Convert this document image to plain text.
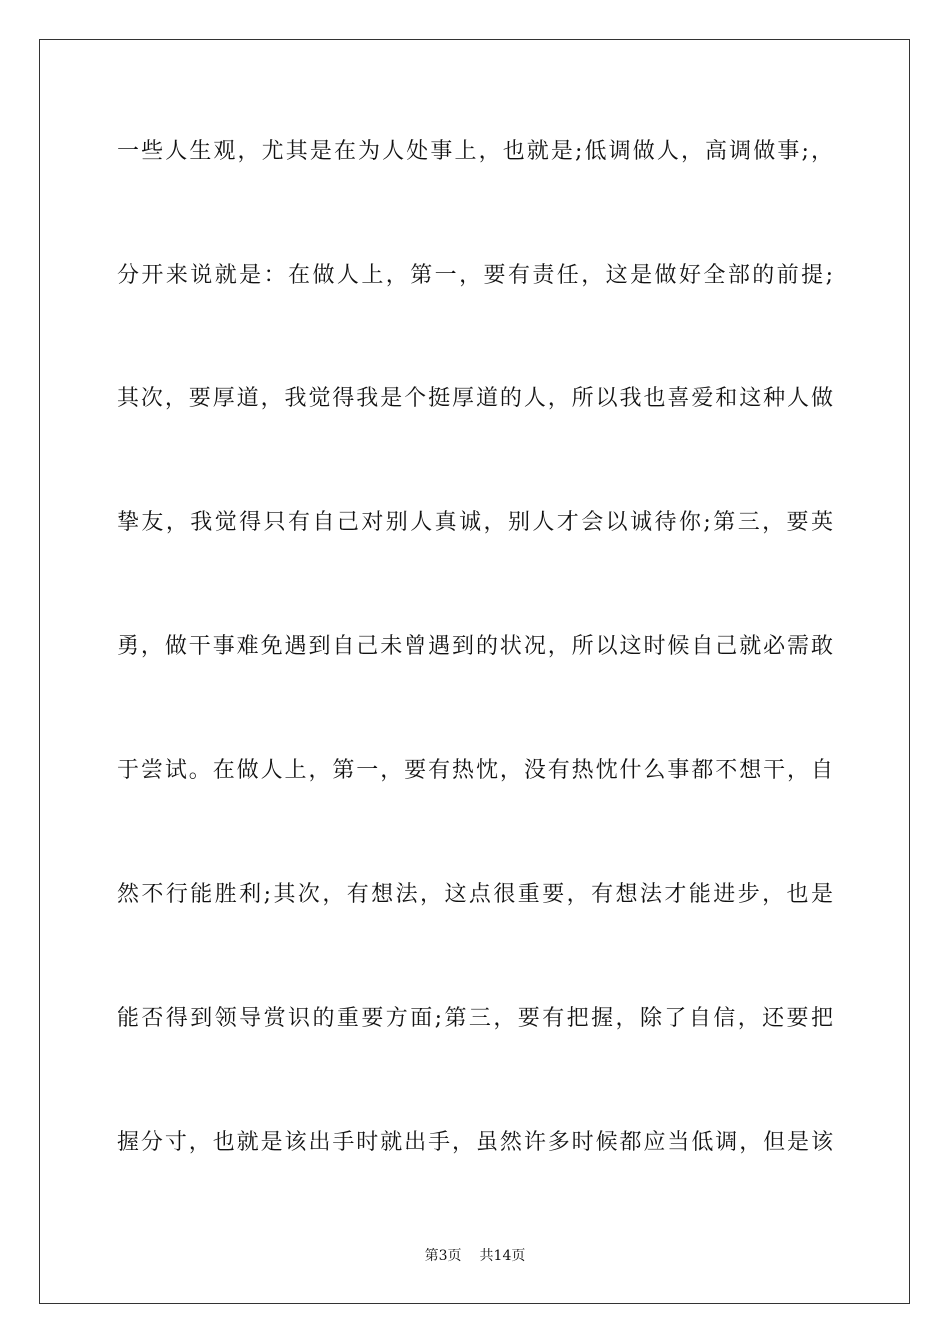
一些人生观，尤其是在为人处事上，也就是;低调做人，高调做事;，
分开来说就是：在做人上，第一，要有责任，这是做好全部的前提;
其次，要厚道，我觉得我是个挺厚道的人，所以我也喜爱和这种人做
挚友，我觉得只有自己对别人真诚，别人才会以诚待你;第三，要英
勇，做干事难免遇到自己未曾遇到的状况，所以这时候自己就必需敢
于尝试。在做人上，第一，要有热忱，没有热忱什么事都不想干，自
然不行能胜利;其次，有想法，这点很重要，有想法才能进步，也是
能否得到领导赏识的重要方面;第三，要有把握，除了自信，还要把
握分寸，也就是该出手时就出手，虽然许多时候都应当低调，但是该
第3页 共14页
